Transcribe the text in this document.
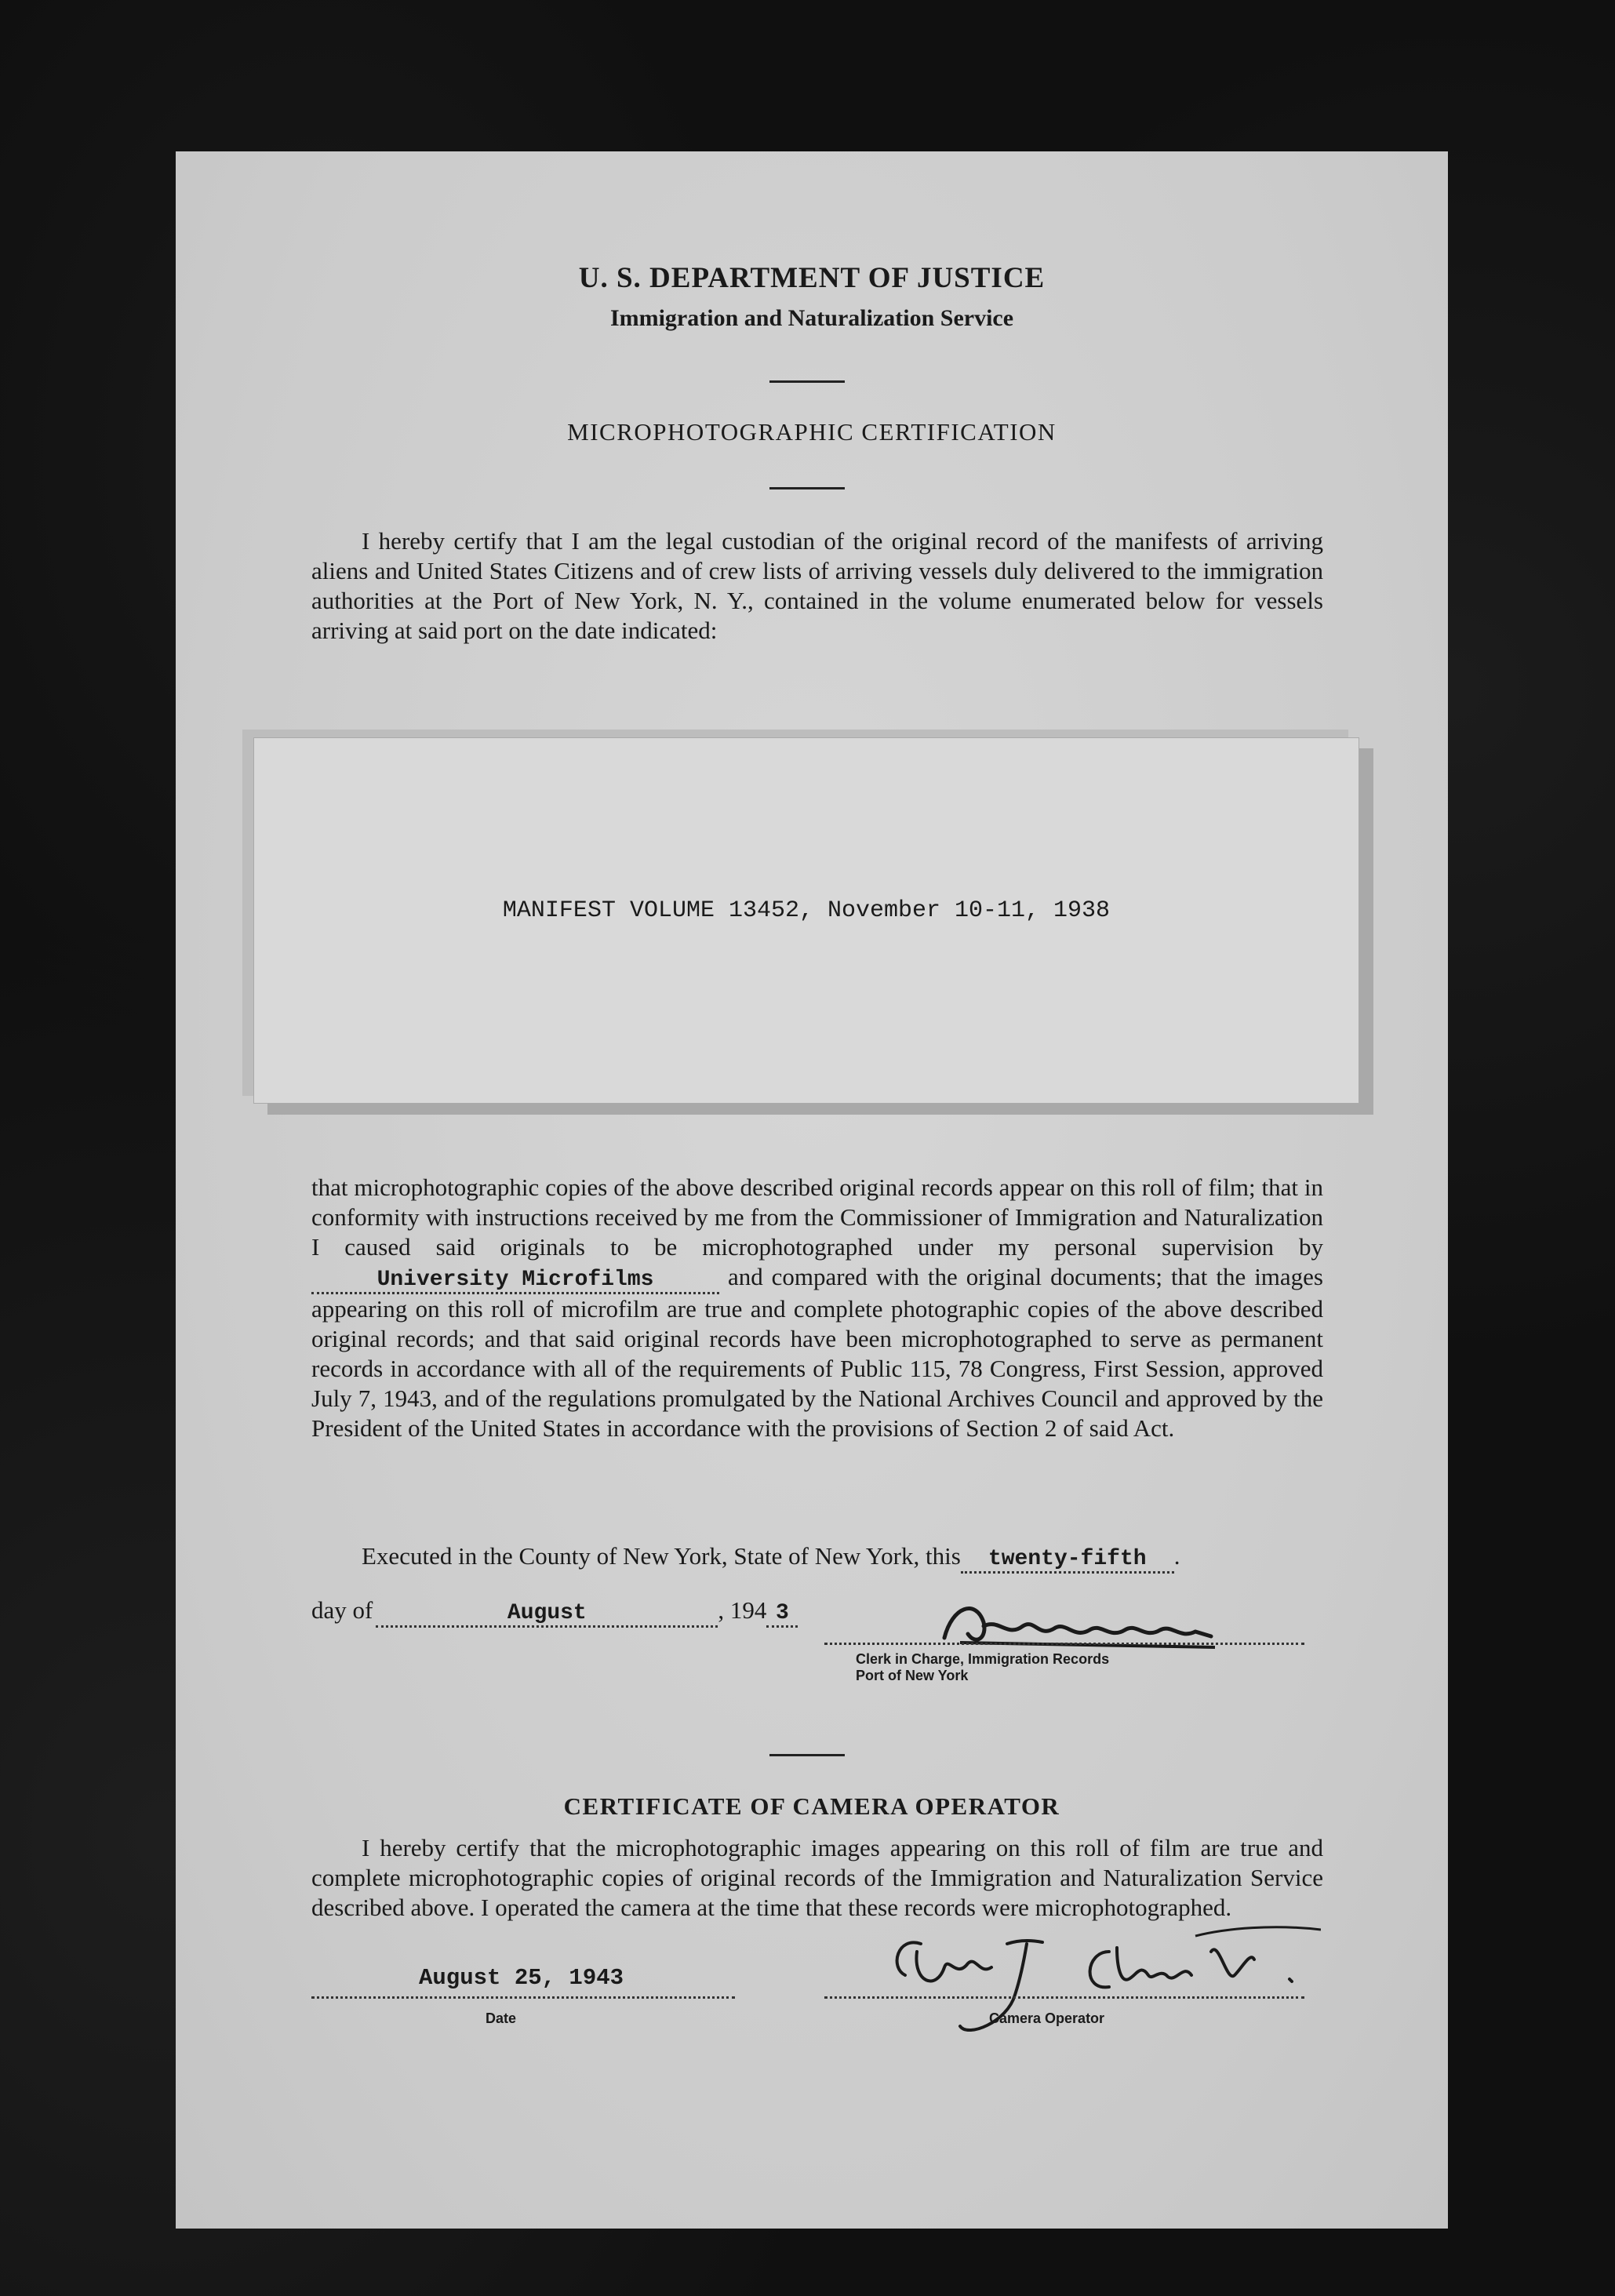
U. S. DEPARTMENT OF JUSTICE
Immigration and Naturalization Service
MICROPHOTOGRAPHIC CERTIFICATION
I hereby certify that I am the legal custodian of the original record of the manifests of arriving aliens and United States Citizens and of crew lists of arriving vessels duly delivered to the immigration authorities at the Port of New York, N. Y., contained in the volume enumerated below for vessels arriving at said port on the date indicated:
MANIFEST VOLUME 13452, November 10-11, 1938
that microphotographic copies of the above described original records appear on this roll of film; that in conformity with instructions received by me from the Commissioner of Immigration and Naturalization I caused said originals to be microphotographed under my personal supervision byUniversity Microfilms	and compared with the original documents; that the images appearing on this roll of microfilm are true and complete photographic copies of the above described original records; and that said original records have been microphotographed to serve as permanent records in accordance with all of the requirements of Public 115, 78 Congress, First Session, approved July 7, 1943, and of the regulations promulgated by the National Archives Council and approved by the President of the United States in accordance with the provisions of Section 2 of said Act.
Executed in the County of New York, State of New York, this twenty-fifth .
day of	August	, 194 3
Clerk in Charge, Immigration Records
Port of New York
CERTIFICATE OF CAMERA OPERATOR
I hereby certify that the microphotographic images appearing on this roll of film are true and complete microphotographic copies of original records of the Immigration and Naturalization Service described above. I operated the camera at the time that these records were microphotographed.
August 25, 1943
Date	Camera Operator
